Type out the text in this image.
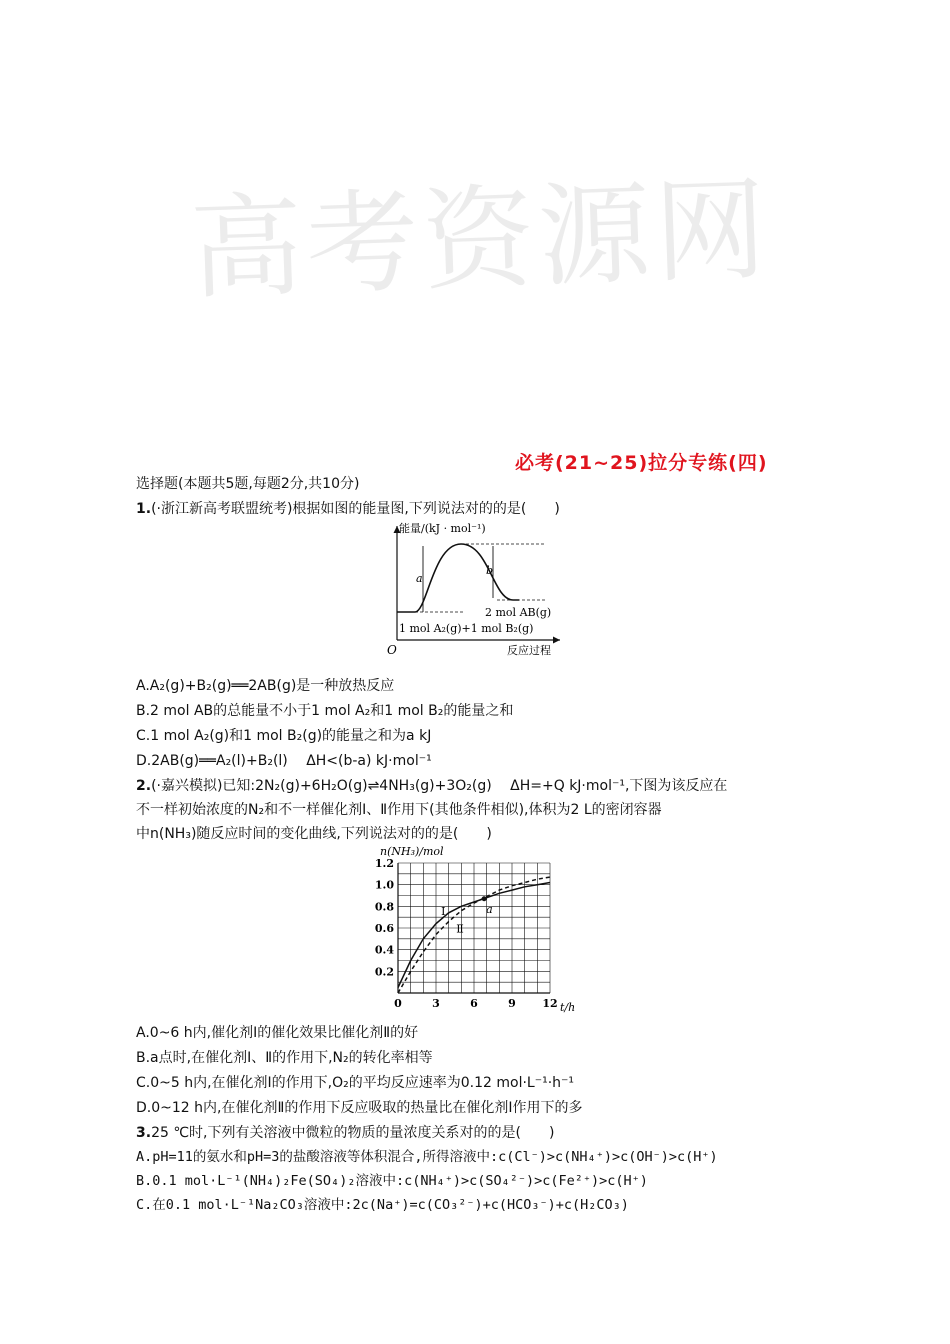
高考资源网
必考(21~25)拉分专练(四)
选择题(本题共5题,每题2分,共10分)
1.(·浙江新高考联盟统考)根据如图的能量图,下列说法对的的是(　　)
能量/(kJ · mol⁻¹)
反应过程
O
a
b
2 mol AB(g)
1 mol A₂(g)+1 mol B₂(g)
A.A₂(g)+B₂(g)══2AB(g)是一种放热反应
B.2 mol AB的总能量不小于1 mol A₂和1 mol B₂的能量之和
C.1 mol A₂(g)和1 mol B₂(g)的能量之和为a kJ
D.2AB(g)══A₂(l)+B₂(l)　 ΔH<(b-a) kJ·mol⁻¹
2.(·嘉兴模拟)已知:2N₂(g)+6H₂O(g)⇌4NH₃(g)+3O₂(g)　 ΔH=+Q kJ·mol⁻¹,下图为该反应在
不一样初始浓度的N₂和不一样催化剂Ⅰ、Ⅱ作用下(其他条件相似),体积为2 L的密闭容器
中n(NH₃)随反应时间的变化曲线,下列说法对的的是(　　)
0.2
0.4
0.6
0.8
1.0
1.2
0	3	6	9 12
n(NH₃)/mol
t/h
a
Ⅰ
Ⅱ
A.0~6 h内,催化剂Ⅰ的催化效果比催化剂Ⅱ的好
B.a点时,在催化剂Ⅰ、Ⅱ的作用下,N₂的转化率相等
C.0~5 h内,在催化剂Ⅰ的作用下,O₂的平均反应速率为0.12 mol·L⁻¹·h⁻¹
D.0~12 h内,在催化剂Ⅱ的作用下反应吸取的热量比在催化剂Ⅰ作用下的多
3.25 ℃时,下列有关溶液中微粒的物质的量浓度关系对的的是(　　)
A.pH=11的氨水和pH=3的盐酸溶液等体积混合,所得溶液中:c(Cl⁻)>c(NH₄⁺)>c(OH⁻)>c(H⁺)
B.0.1 mol·L⁻¹(NH₄)₂Fe(SO₄)₂溶液中:c(NH₄⁺)>c(SO₄²⁻)>c(Fe²⁺)>c(H⁺)
C.在0.1 mol·L⁻¹Na₂CO₃溶液中:2c(Na⁺)=c(CO₃²⁻)+c(HCO₃⁻)+c(H₂CO₃)
